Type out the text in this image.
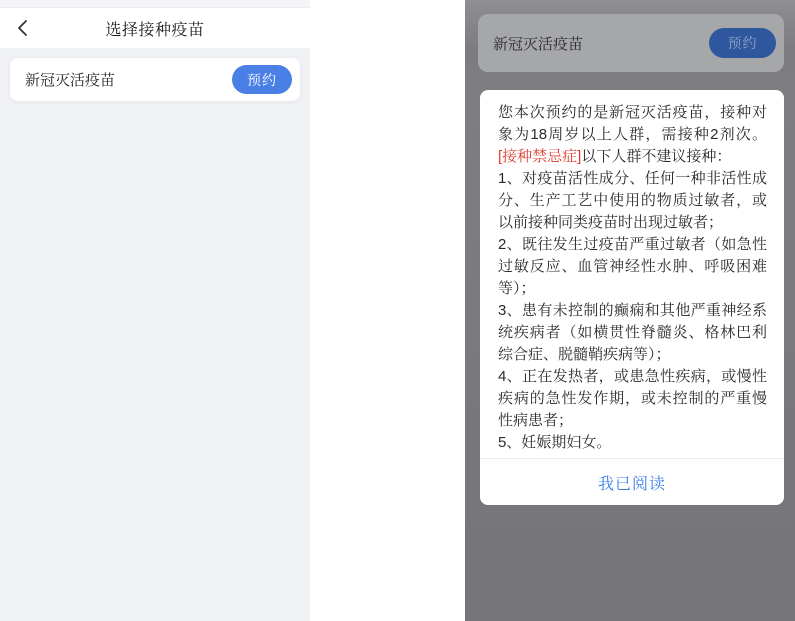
选择接种疫苗
新冠灭活疫苗	预约
新冠灭活疫苗	预约

您本次预约的是新冠灭活疫苗，接种对象为18周岁以上人群，需接种2剂次。[接种禁忌症]以下人群不建议接种：

1、对疫苗活性成分、任何一种非活性成分、生产工艺中使用的物质过敏者，或以前接种同类疫苗时出现过敏者；
2、既往发生过疫苗严重过敏者（如急性过敏反应、血管神经性水肿、呼吸困难等）；
3、患有未控制的癫痫和其他严重神经系统疾病者（如横贯性脊髓炎、格林巴利综合症、脱髓鞘疾病等）；
4、正在发热者，或患急性疾病，或慢性疾病的急性发作期，或未控制的严重慢性病患者；
5、妊娠期妇女。
我已阅读
